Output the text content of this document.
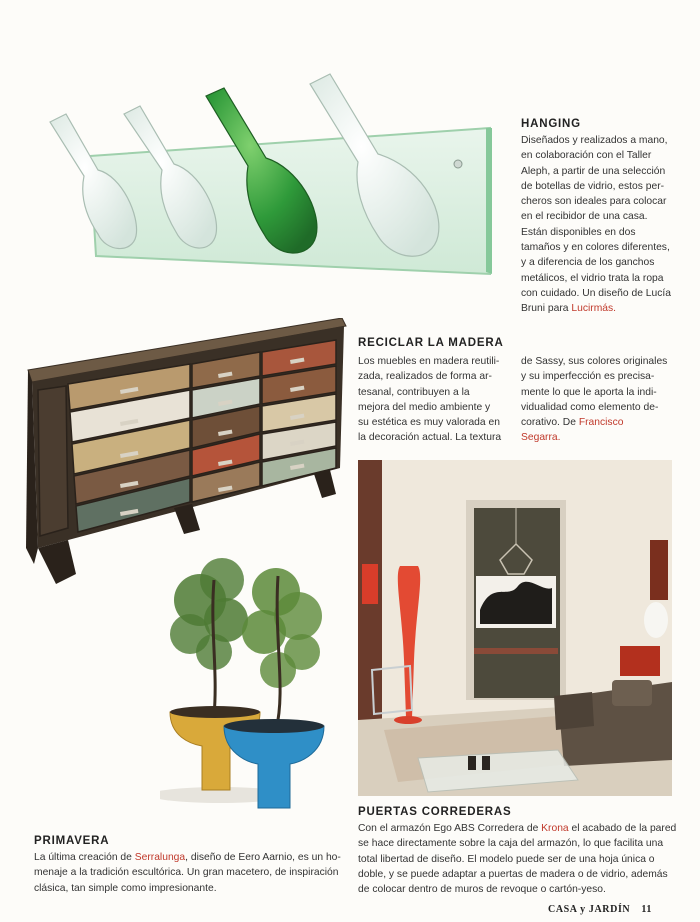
HANGING
Diseñados y realizados a mano,
en colaboración con el Taller
Aleph, a partir de una selección
de botellas de vidrio, estos per-
cheros son ideales para colocar
en el recibidor de una casa.
Están disponibles en dos
tamaños y en colores diferentes,
y a diferencia de los ganchos
metálicos, el vidrio trata la ropa
con cuidado. Un diseño de Lucía
Bruni para Lucirmás.
RECICLAR LA MADERA
Los muebles en madera reutili-
zada, realizados de forma ar-
tesanal, contribuyen a la
mejora del medio ambiente y
su estética es muy valorada en
la decoración actual. La textura
de Sassy, sus colores originales
y su imperfección es precisa-
mente lo que le aporta la indi-
vidualidad como elemento de-
corativo. De Francisco
Segarra.
PUERTAS CORREDERAS
Con el armazón Ego ABS Corredera de Krona el acabado de la pared
se hace directamente sobre la caja del armazón, lo que facilita una
total libertad de diseño. El modelo puede ser de una hoja única o
doble, y se puede adaptar a puertas de madera o de vidrio, además
de colocar dentro de muros de revoque o cartón-yeso.
PRIMAVERA
La última creación de Serralunga, diseño de Eero Aarnio, es un ho-
menaje a la tradición escultórica. Un gran macetero, de inspiración
clásica, tan simple como impresionante.
CASA y JARDÍN 11
